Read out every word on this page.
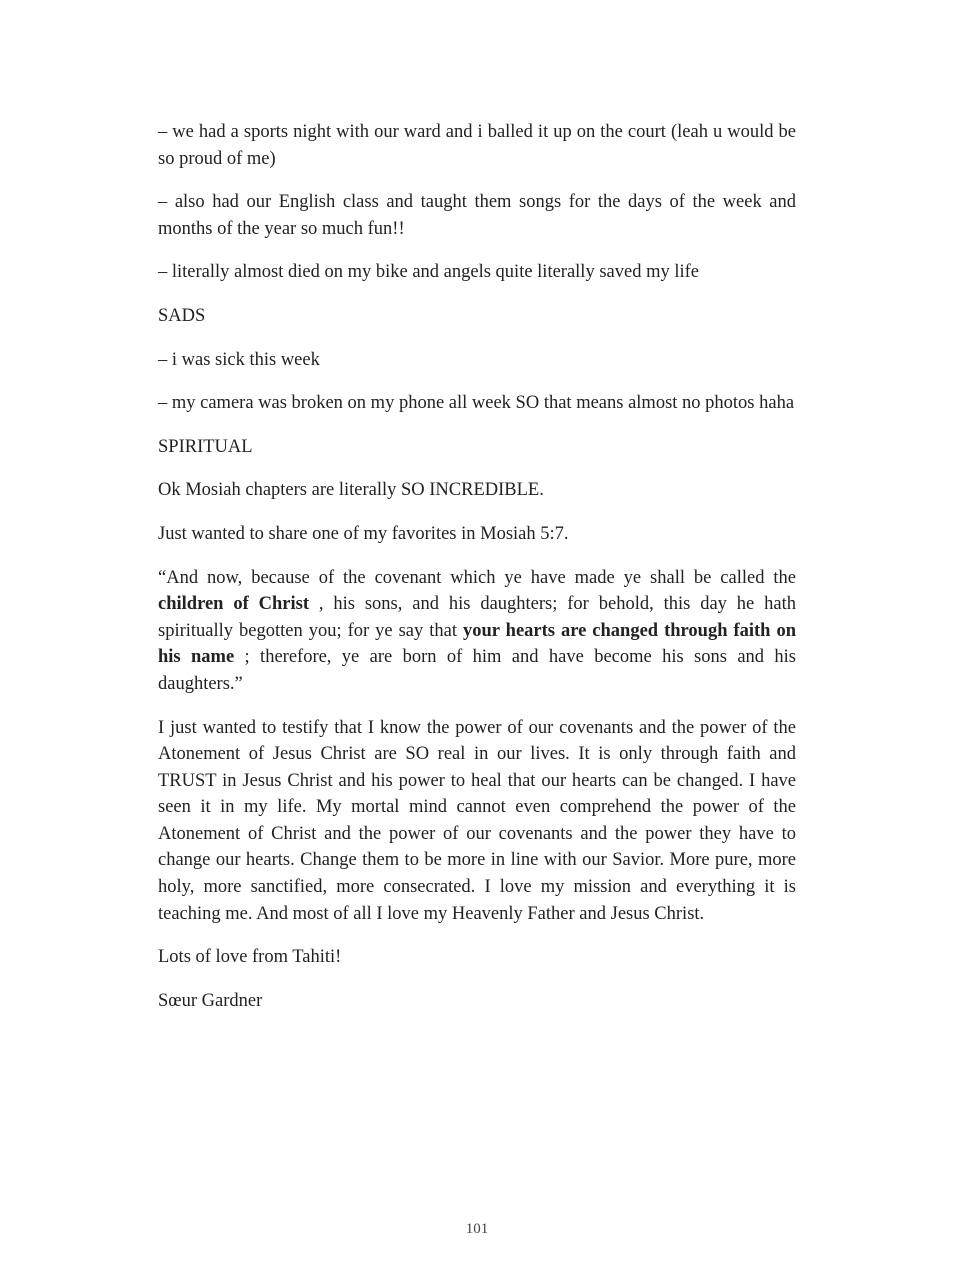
– we had a sports night with our ward and i balled it up on the court (leah u would be so proud of me)

– also had our English class and taught them songs for the days of the week and months of the year so much fun!!

– literally almost died on my bike and angels quite literally saved my life

SADS

– i was sick this week

– my camera was broken on my phone all week SO that means almost no photos haha

SPIRITUAL

Ok Mosiah chapters are literally SO INCREDIBLE.

Just wanted to share one of my favorites in Mosiah 5:7.

“And now, because of the covenant which ye have made ye shall be called the children of Christ , his sons, and his daughters; for behold, this day he hath spiritually begotten you; for ye say that your hearts are changed through faith on his name ; therefore, ye are born of him and have become his sons and his daughters.”

I just wanted to testify that I know the power of our covenants and the power of the Atonement of Jesus Christ are SO real in our lives. It is only through faith and TRUST in Jesus Christ and his power to heal that our hearts can be changed. I have seen it in my life. My mortal mind cannot even comprehend the power of the Atonement of Christ and the power of our covenants and the power they have to change our hearts. Change them to be more in line with our Savior. More pure, more holy, more sanctified, more consecrated. I love my mission and everything it is teaching me. And most of all I love my Heavenly Father and Jesus Christ.

Lots of love from Tahiti!

Sœur Gardner

101
